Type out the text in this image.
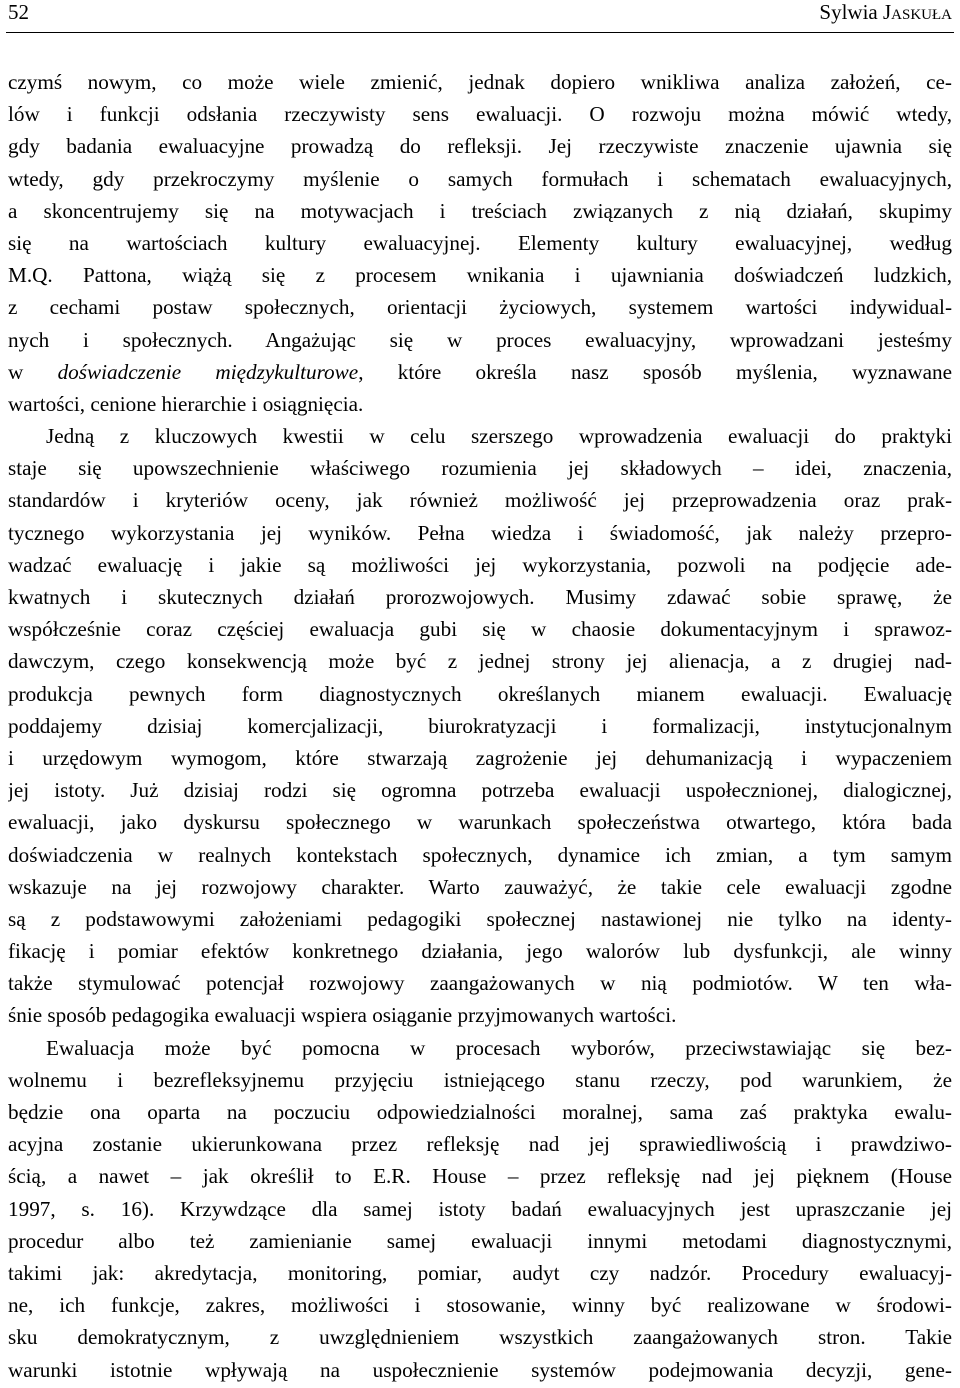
52	Sylwia Jaskuła
czymś nowym, co może wiele zmienić, jednak dopiero wnikliwa analiza założeń, ce-
lów i funkcji odsłania rzeczywisty sens ewaluacji. O rozwoju można mówić wtedy,
gdy badania ewaluacyjne prowadzą do refleksji. Jej rzeczywiste znaczenie ujawnia się
wtedy, gdy przekroczymy myślenie o samych formułach i schematach ewaluacyjnych,
a skoncentrujemy się na motywacjach i treściach związanych z nią działań, skupimy
się na wartościach kultury ewaluacyjnej. Elementy kultury ewaluacyjnej, według
M.Q. Pattona, wiążą się z procesem wnikania i ujawniania doświadczeń ludzkich,
z cechami postaw społecznych, orientacji życiowych, systemem wartości indywidual-
nych i społecznych. Angażując się w proces ewaluacyjny, wprowadzani jesteśmy
w doświadczenie międzykulturowe, które określa nasz sposób myślenia, wyznawane
wartości, cenione hierarchie i osiągnięcia.
Jedną z kluczowych kwestii w celu szerszego wprowadzenia ewaluacji do praktyki
staje się upowszechnienie właściwego rozumienia jej składowych – idei, znaczenia,
standardów i kryteriów oceny, jak również możliwość jej przeprowadzenia oraz prak-
tycznego wykorzystania jej wyników. Pełna wiedza i świadomość, jak należy przepro-
wadzać ewaluację i jakie są możliwości jej wykorzystania, pozwoli na podjęcie ade-
kwatnych i skutecznych działań prorozwojowych. Musimy zdawać sobie sprawę, że
współcześnie coraz częściej ewaluacja gubi się w chaosie dokumentacyjnym i sprawoz-
dawczym, czego konsekwencją może być z jednej strony jej alienacja, a z drugiej nad-
produkcja pewnych form diagnostycznych określanych mianem ewaluacji. Ewaluację
poddajemy dzisiaj komercjalizacji, biurokratyzacji i formalizacji, instytucjonalnym
i urzędowym wymogom, które stwarzają zagrożenie jej dehumanizacją i wypaczeniem
jej istoty. Już dzisiaj rodzi się ogromna potrzeba ewaluacji uspołecznionej, dialogicznej,
ewaluacji, jako dyskursu społecznego w warunkach społeczeństwa otwartego, która bada
doświadczenia w realnych kontekstach społecznych, dynamice ich zmian, a tym samym
wskazuje na jej rozwojowy charakter. Warto zauważyć, że takie cele ewaluacji zgodne
są z podstawowymi założeniami pedagogiki społecznej nastawionej nie tylko na identy-
fikację i pomiar efektów konkretnego działania, jego walorów lub dysfunkcji, ale winny
także stymulować potencjał rozwojowy zaangażowanych w nią podmiotów. W ten wła-
śnie sposób pedagogika ewaluacji wspiera osiąganie przyjmowanych wartości.
Ewaluacja może być pomocna w procesach wyborów, przeciwstawiając się bez-
wolnemu i bezrefleksyjnemu przyjęciu istniejącego stanu rzeczy, pod warunkiem, że
będzie ona oparta na poczuciu odpowiedzialności moralnej, sama zaś praktyka ewalu-
acyjna zostanie ukierunkowana przez refleksję nad jej sprawiedliwością i prawdziwo-
ścią, a nawet – jak określił to E.R. House – przez refleksję nad jej pięknem (House
1997, s. 16). Krzywdzące dla samej istoty badań ewaluacyjnych jest upraszczanie jej
procedur albo też zamienianie samej ewaluacji innymi metodami diagnostycznymi,
takimi jak: akredytacja, monitoring, pomiar, audyt czy nadzór. Procedury ewaluacyj-
ne, ich funkcje, zakres, możliwości i stosowanie, winny być realizowane w środowi-
sku demokratycznym, z uwzględnieniem wszystkich zaangażowanych stron. Takie
warunki istotnie wpływają na uspołecznienie systemów podejmowania decyzji, gene-
